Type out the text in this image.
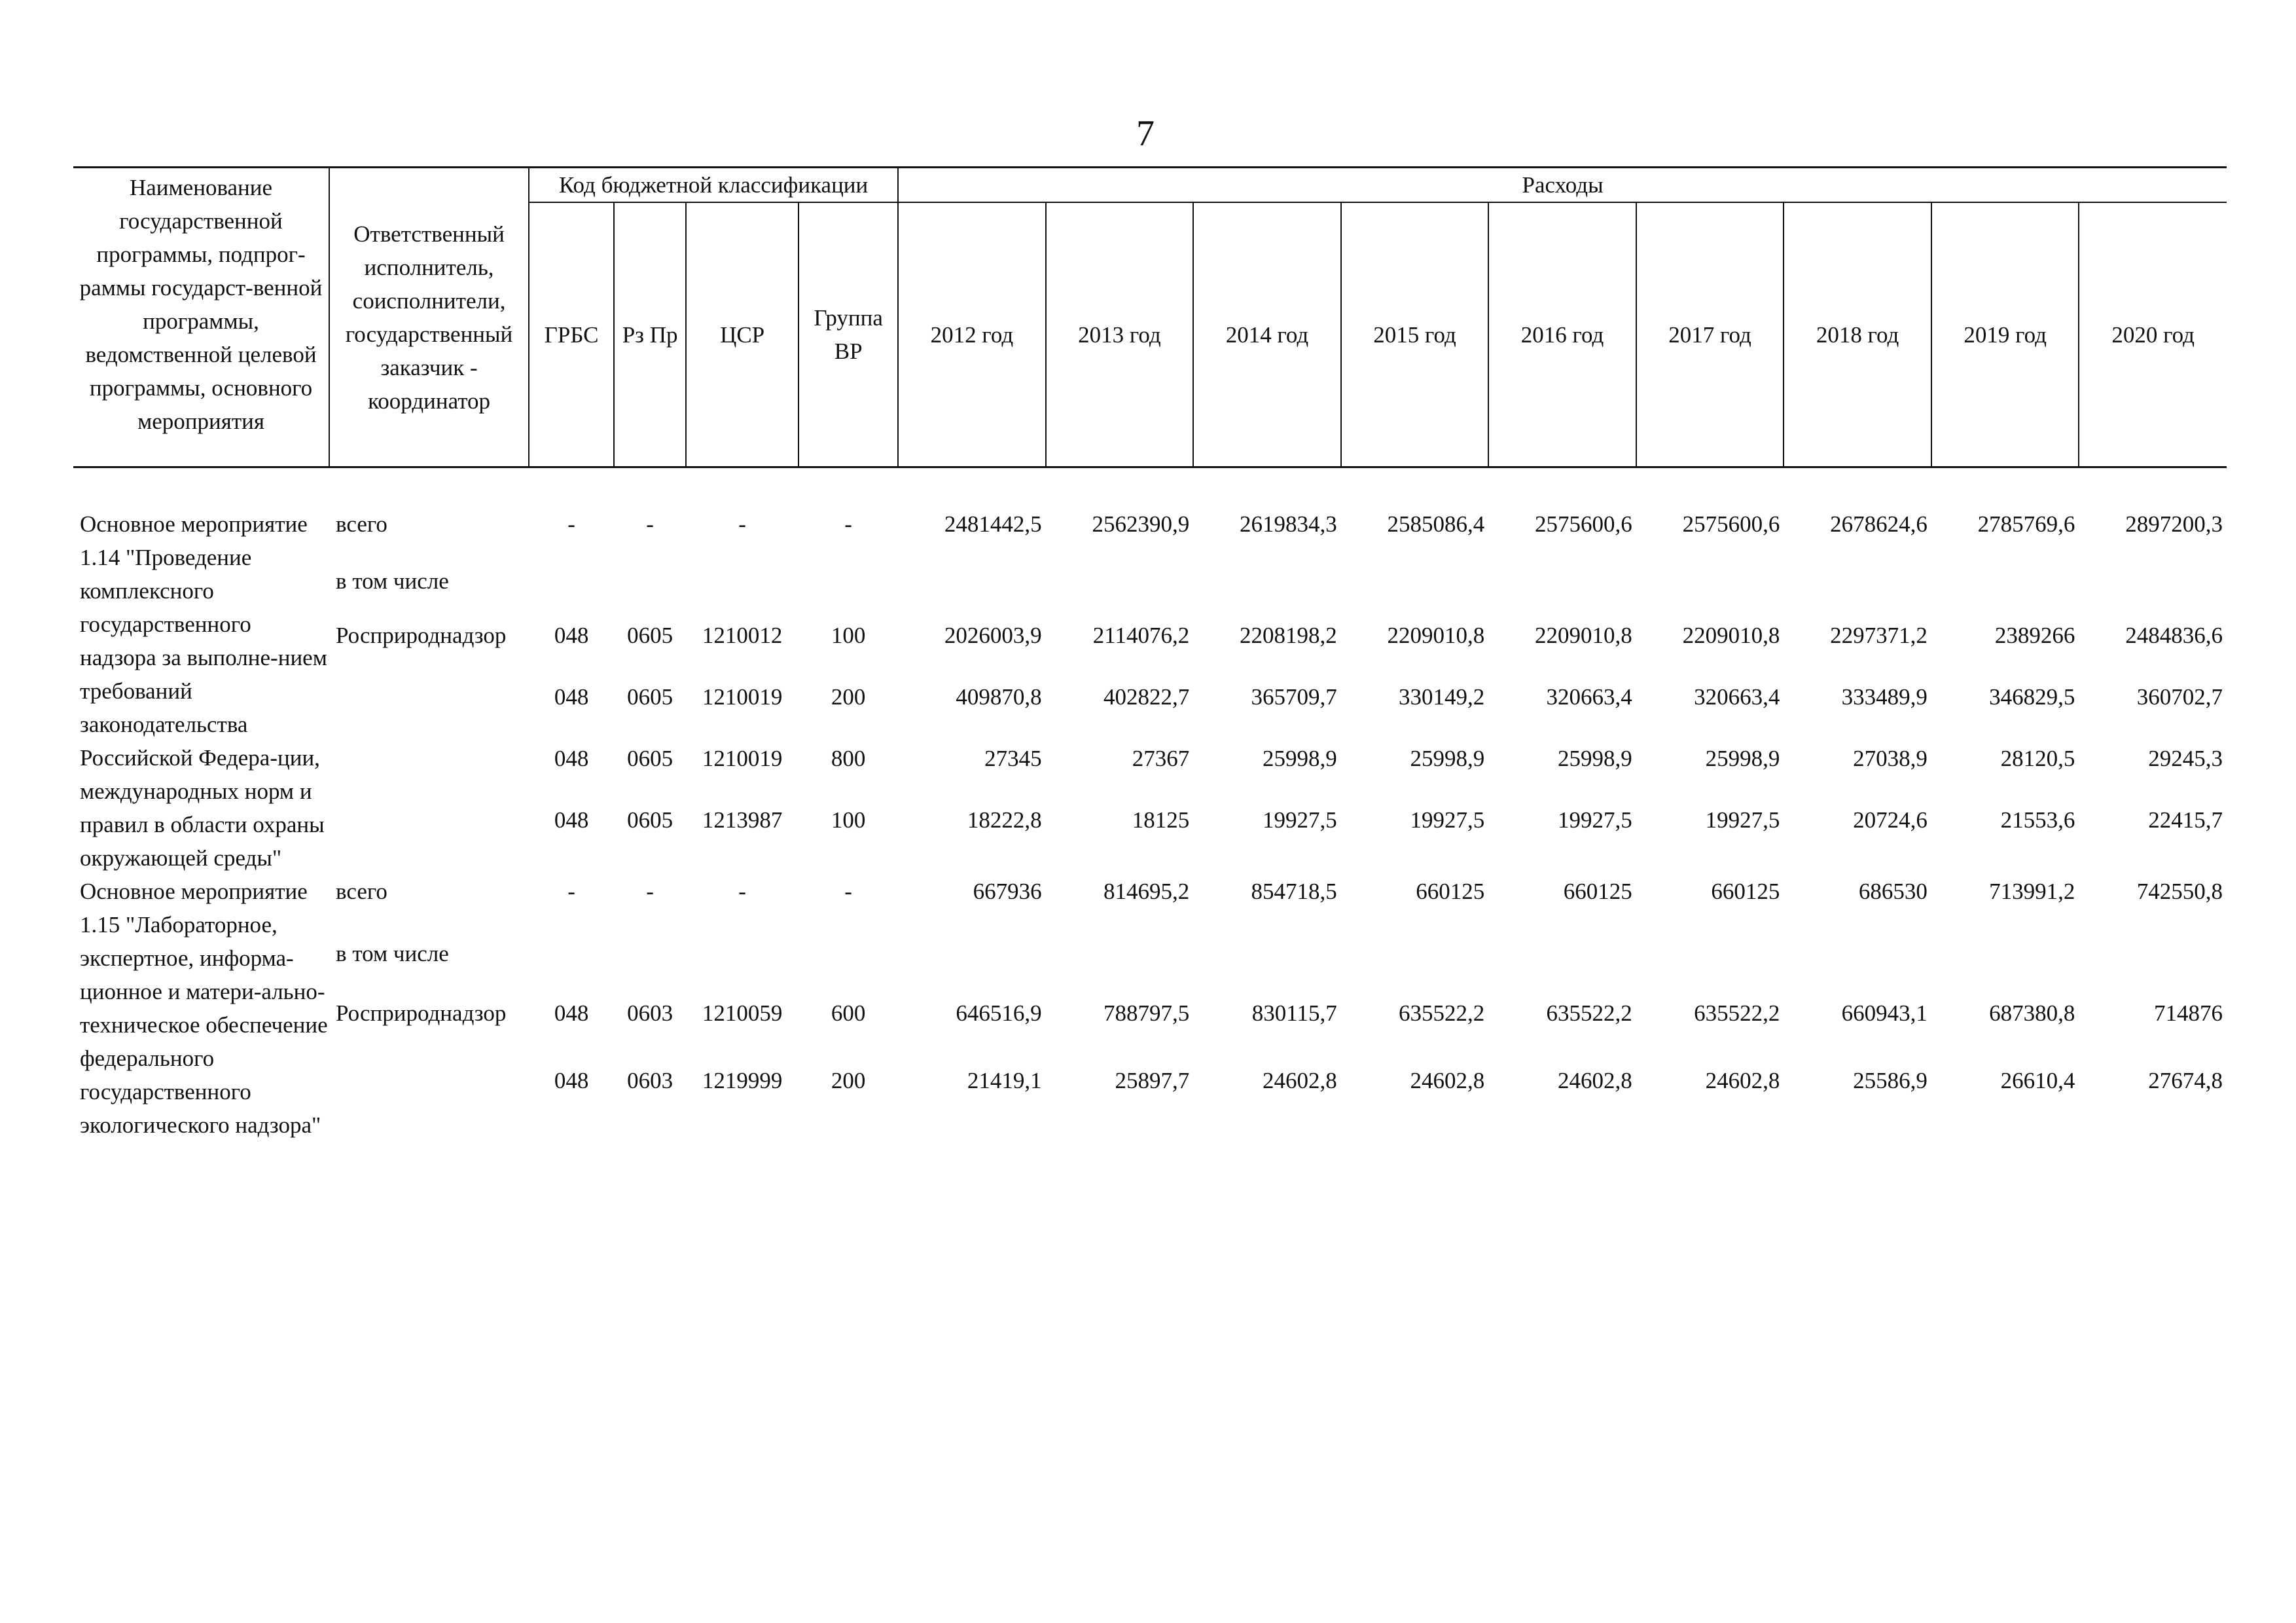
7
Наименование государственной программы, подпрог-раммы государст-венной программы, ведомственной целевой программы, основного мероприятия	Ответственный исполнитель, соисполнители, государственный заказчик - координатор	Код бюджетной классификации				Расходы								
		ГРБС	Рз Пр	ЦСР	Группа ВР	2012 год	2013 год	2014 год	2015 год	2016 год	2017 год	2018 год	2019 год	2020 год

Основное мероприятие 1.14 "Проведение комплексного государственного надзора за выполне-нием требований законодательства Российской Федера-ции, международных норм и правил в области охраны окружающей среды"	всего	-	-	-	-	2481442,5	2562390,9	2619834,3	2585086,4	2575600,6	2575600,6	2678624,6	2785769,6	2897200,3
	в том числе													
	Росприроднадзор	048	0605	1210012	100	2026003,9	2114076,2	2208198,2	2209010,8	2209010,8	2209010,8	2297371,2	2389266	2484836,6
		048	0605	1210019	200	409870,8	402822,7	365709,7	330149,2	320663,4	320663,4	333489,9	346829,5	360702,7
		048	0605	1210019	800	27345	27367	25998,9	25998,9	25998,9	25998,9	27038,9	28120,5	29245,3
		048	0605	1213987	100	18222,8	18125	19927,5	19927,5	19927,5	19927,5	20724,6	21553,6	22415,7

Основное мероприятие 1.15 "Лабораторное, экспертное, информа-ционное и матери-ально-техническое обеспечение федерального государственного экологического надзора"	всего	-	-	-	-	667936	814695,2	854718,5	660125	660125	660125	686530	713991,2	742550,8
	в том числе													
	Росприроднадзор	048	0603	1210059	600	646516,9	788797,5	830115,7	635522,2	635522,2	635522,2	660943,1	687380,8	714876
		048	0603	1219999	200	21419,1	25897,7	24602,8	24602,8	24602,8	24602,8	25586,9	26610,4	27674,8
